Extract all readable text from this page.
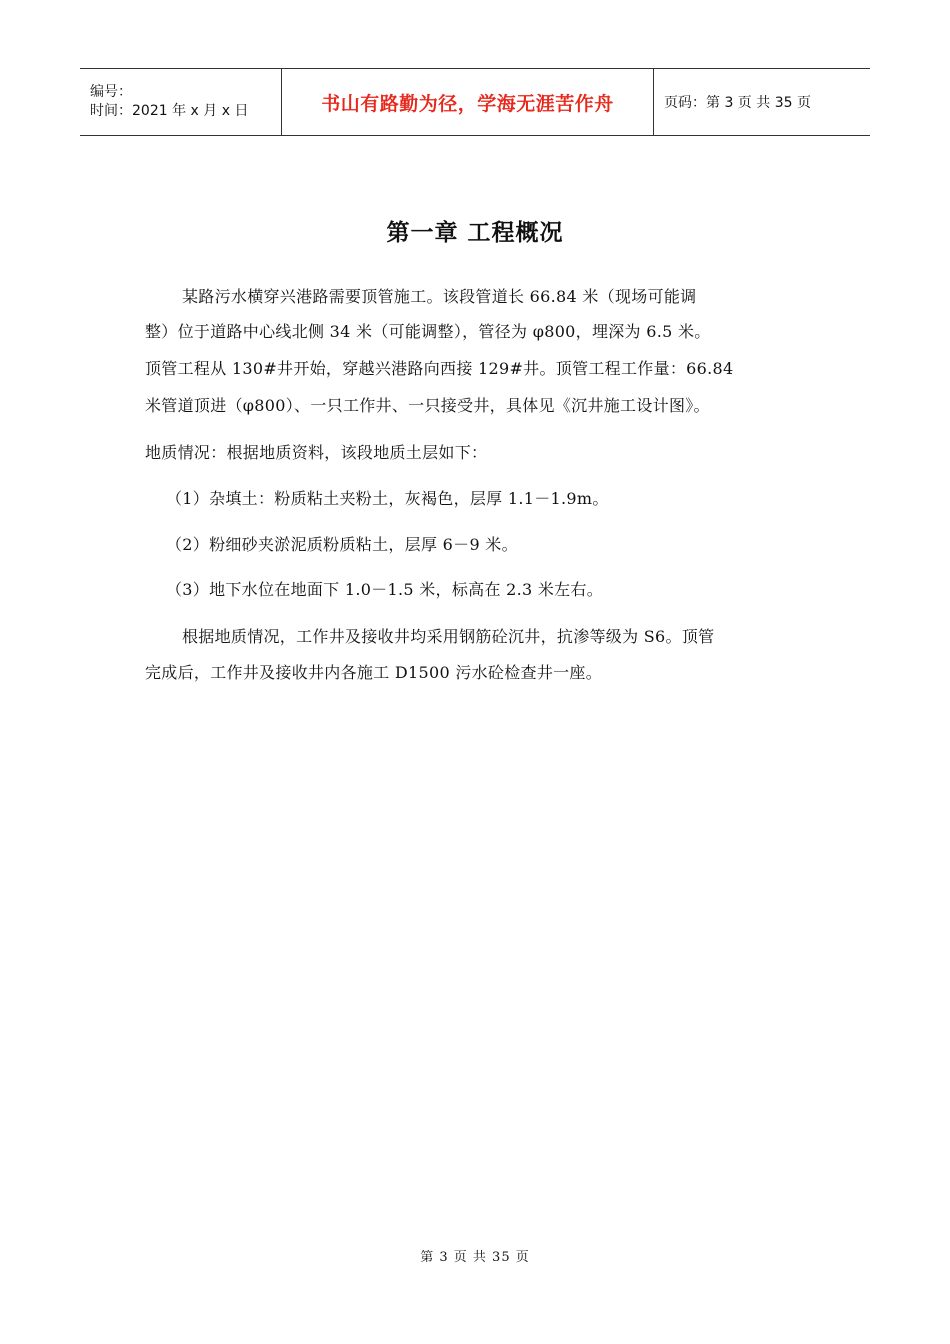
编号：
时间：2021 年 x 月 x 日	书山有路勤为径，学海无涯苦作舟	页码：第 3 页 共 35 页
第一章 工程概况
某路污水横穿兴港路需要顶管施工。该段管道长 66.84 米（现场可能调
整）位于道路中心线北侧 34 米（可能调整），管径为 φ800，埋深为 6.5 米。
顶管工程从 130#井开始，穿越兴港路向西接 129#井。顶管工程工作量：66.84
米管道顶进（φ800）、一只工作井、一只接受井，具体见《沉井施工设计图》。
地质情况：根据地质资料，该段地质土层如下：
（1）杂填土：粉质粘土夹粉土，灰褐色，层厚 1.1－1.9m。
（2）粉细砂夹淤泥质粉质粘土，层厚 6－9 米。
（3）地下水位在地面下 1.0－1.5 米，标高在 2.3 米左右。
根据地质情况，工作井及接收井均采用钢筋砼沉井，抗渗等级为 S6。顶管
完成后，工作井及接收井内各施工 D1500 污水砼检查井一座。
第 3 页 共 35 页
